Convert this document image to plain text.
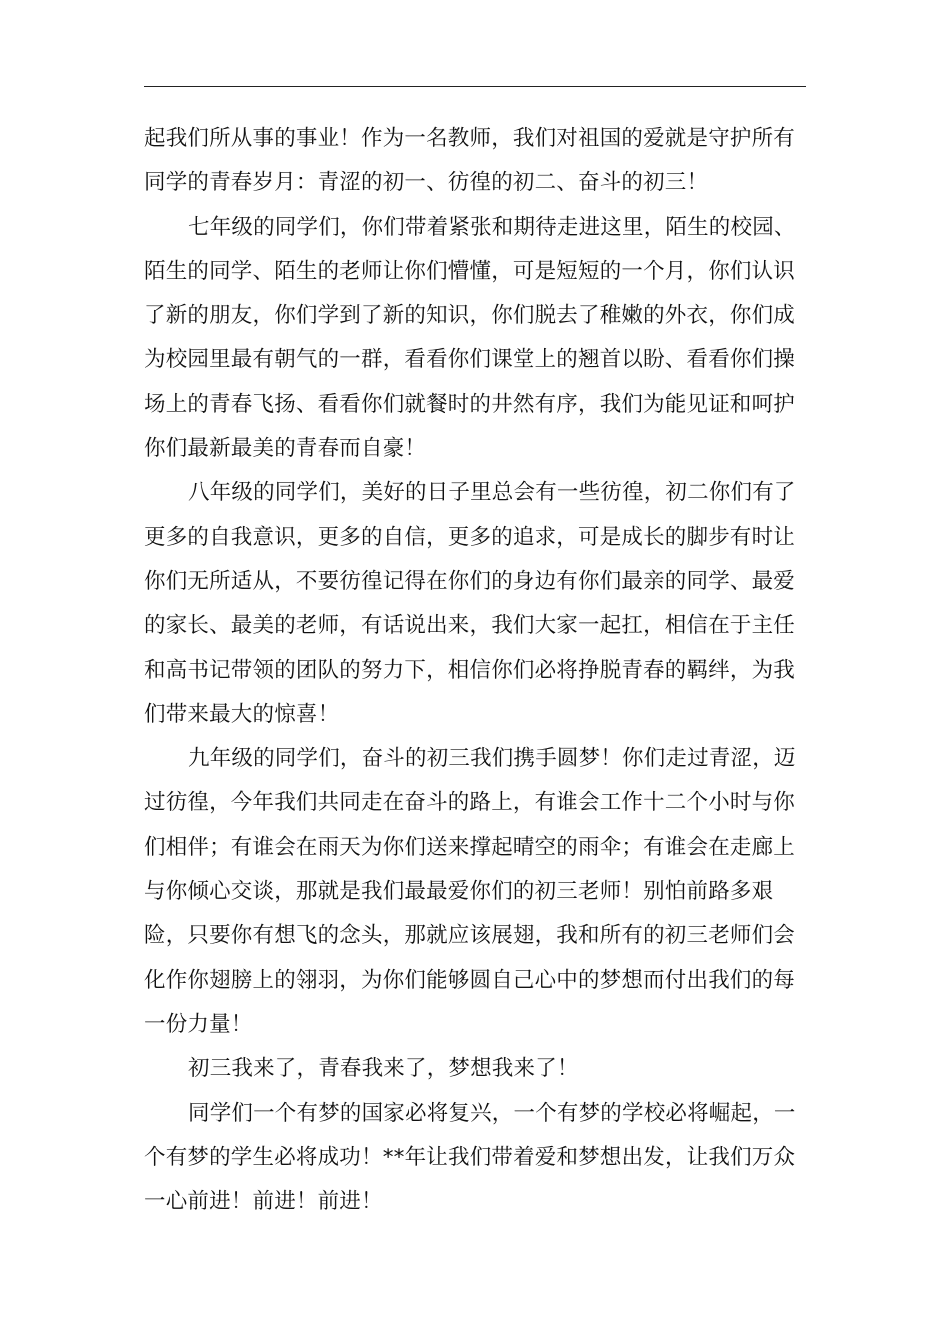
起我们所从事的事业！作为一名教师，我们对祖国的爱就是守护所有同学的青春岁月：青涩的初一、彷徨的初二、奋斗的初三！

七年级的同学们，你们带着紧张和期待走进这里，陌生的校园、陌生的同学、陌生的老师让你们懵懂，可是短短的一个月，你们认识了新的朋友，你们学到了新的知识，你们脱去了稚嫩的外衣，你们成为校园里最有朝气的一群，看看你们课堂上的翘首以盼、看看你们操场上的青春飞扬、看看你们就餐时的井然有序，我们为能见证和呵护你们最新最美的青春而自豪！

八年级的同学们，美好的日子里总会有一些彷徨，初二你们有了更多的自我意识，更多的自信，更多的追求，可是成长的脚步有时让你们无所适从，不要彷徨记得在你们的身边有你们最亲的同学、最爱的家长、最美的老师，有话说出来，我们大家一起扛，相信在于主任和高书记带领的团队的努力下，相信你们必将挣脱青春的羁绊，为我们带来最大的惊喜！

九年级的同学们，奋斗的初三我们携手圆梦！你们走过青涩，迈过彷徨，今年我们共同走在奋斗的路上，有谁会工作十二个小时与你们相伴；有谁会在雨天为你们送来撑起晴空的雨伞；有谁会在走廊上与你倾心交谈，那就是我们最最爱你们的初三老师！别怕前路多艰险，只要你有想飞的念头，那就应该展翅，我和所有的初三老师们会化作你翅膀上的翎羽，为你们能够圆自己心中的梦想而付出我们的每一份力量！

初三我来了，青春我来了，梦想我来了！

同学们一个有梦的国家必将复兴，一个有梦的学校必将崛起，一个有梦的学生必将成功！**年让我们带着爱和梦想出发，让我们万众一心前进！前进！前进！
